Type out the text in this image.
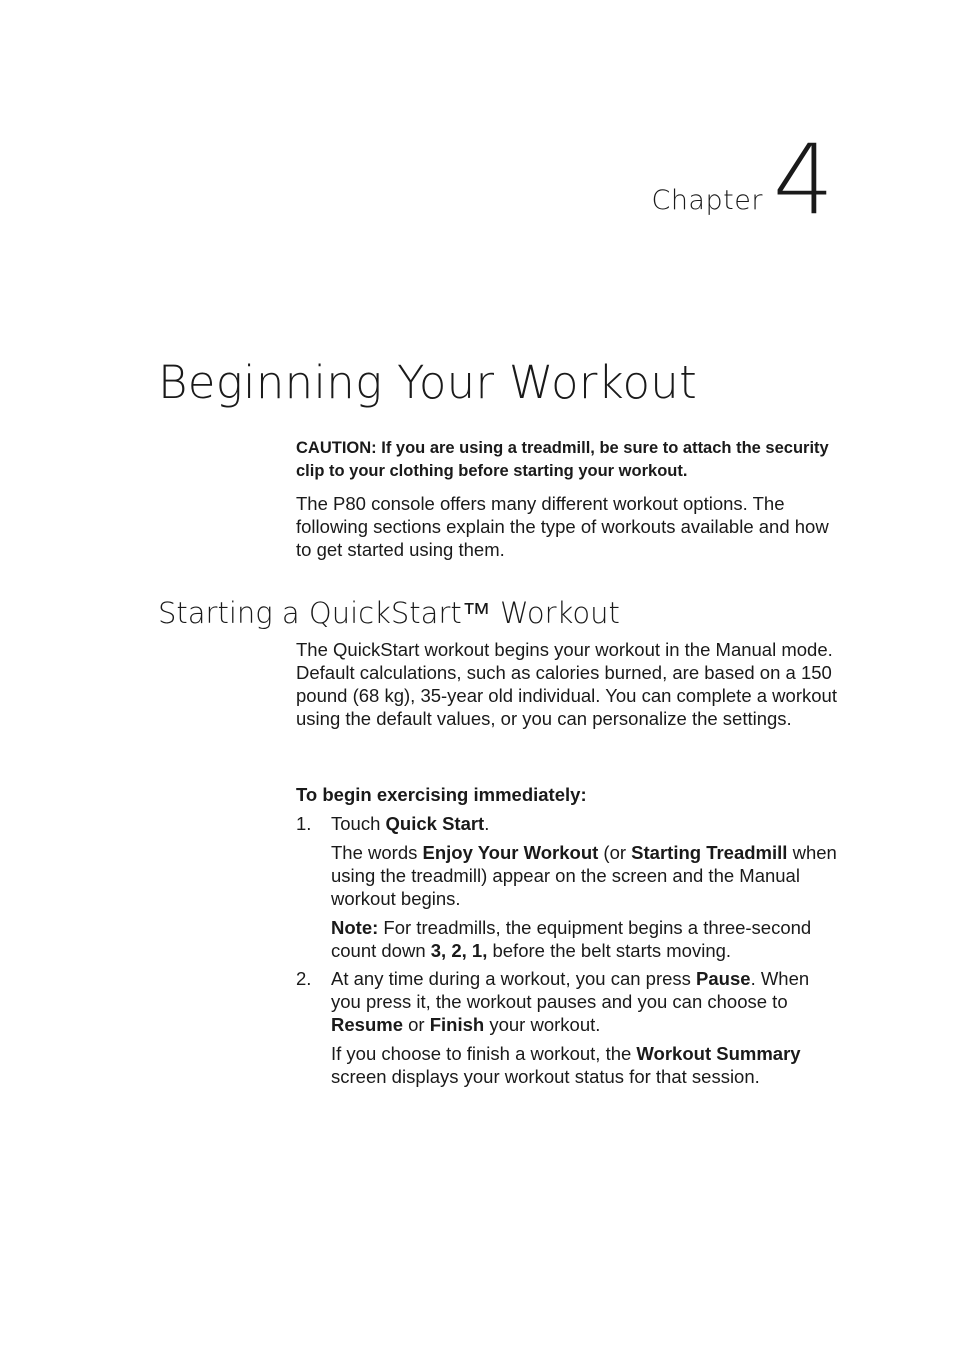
Chapter 4
Beginning Your Workout
CAUTION: If you are using a treadmill, be sure to attach the security clip to your clothing before starting your workout.

The P80 console offers many different workout options. The following sections explain the type of workouts available and how to get started using them.

Starting a QuickStart™ Workout

The QuickStart workout begins your workout in the Manual mode. Default calculations, such as calories burned, are based on a 150 pound (68 kg), 35-year old individual. You can complete a workout using the default values, or you can personalize the settings.

To begin exercising immediately:

1. Touch Quick Start.

The words Enjoy Your Workout (or Starting Treadmill when using the treadmill) appear on the screen and the Manual workout begins.

Note: For treadmills, the equipment begins a three-second count down 3, 2, 1, before the belt starts moving.

2. At any time during a workout, you can press Pause. When you press it, the workout pauses and you can choose to Resume or Finish your workout.

If you choose to finish a workout, the Workout Summary screen displays your workout status for that session.
